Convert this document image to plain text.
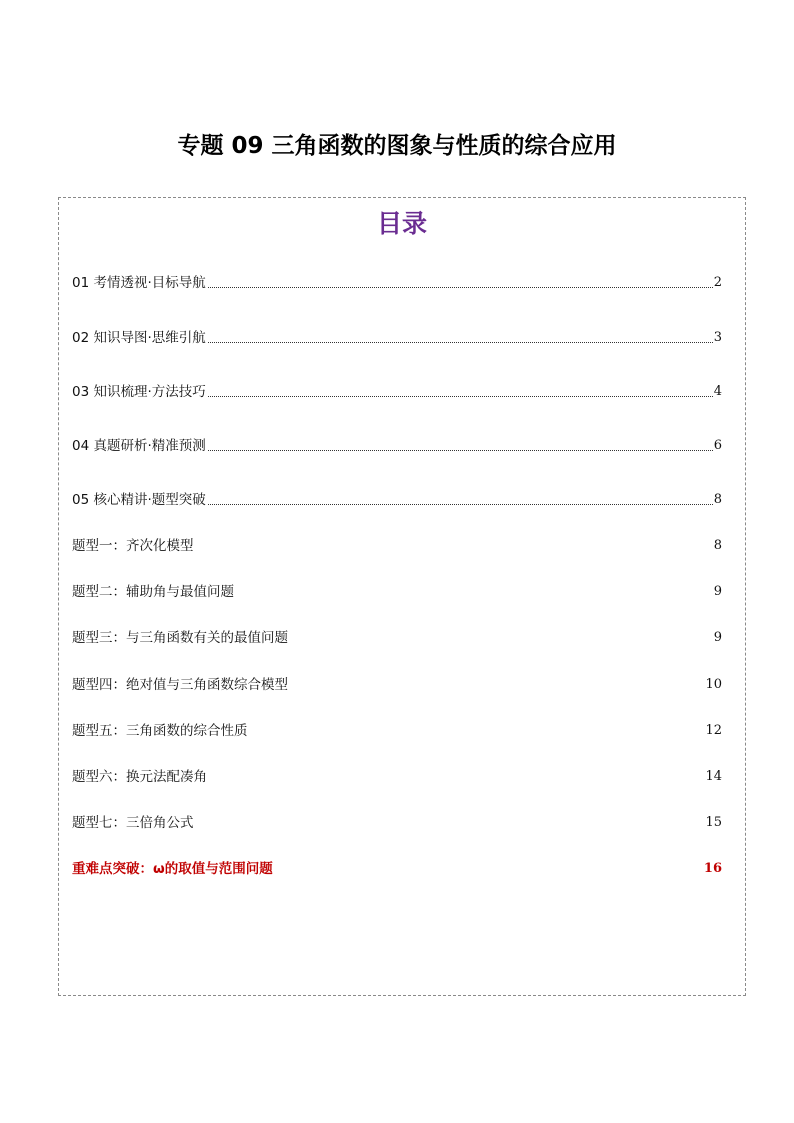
专题 09 三角函数的图象与性质的综合应用
目录
01 考情透视·目标导航	2
02 知识导图·思维引航	3
03 知识梳理·方法技巧	4
04 真题研析·精准预测	6
05 核心精讲·题型突破	8
题型一：齐次化模型	8
题型二：辅助角与最值问题	9
题型三：与三角函数有关的最值问题	9
题型四：绝对值与三角函数综合模型	10
题型五：三角函数的综合性质	12
题型六：换元法配凑角	14
题型七：三倍角公式	15
重难点突破：ω的取值与范围问题	16
